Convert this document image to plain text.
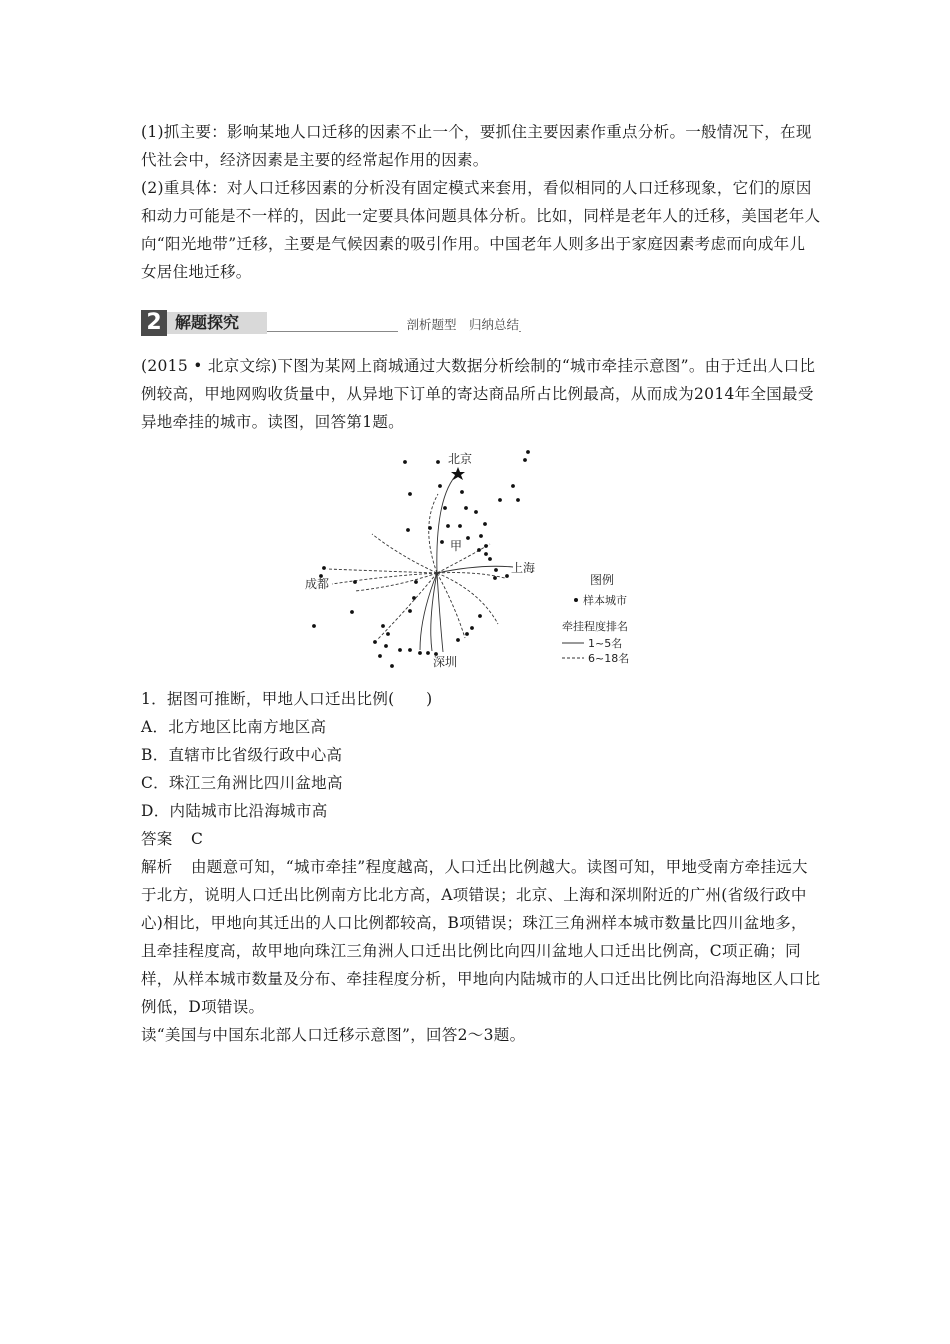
(1)抓主要：影响某地人口迁移的因素不止一个，要抓住主要因素作重点分析。一般情况下，在现代社会中，经济因素是主要的经常起作用的因素。

(2)重具体：对人口迁移因素的分析没有固定模式来套用，看似相同的人口迁移现象，它们的原因和动力可能是不一样的，因此一定要具体问题具体分析。比如，同样是老年人的迁移，美国老年人向“阳光地带”迁移，主要是气候因素的吸引作用。中国老年人则多出于家庭因素考虑而向成年儿女居住地迁移。

2 解题探究	剖析题型　归纳总结

(2015 • 北京文综)下图为某网上商城通过大数据分析绘制的“城市牵挂示意图”。由于迁出人口比例较高，甲地网购收货量中，从异地下订单的寄达商品所占比例最高，从而成为2014年全国最受异地牵挂的城市。读图，回答第1题。

北京
甲
上海
成都
深圳
图例
样本城市
牵挂程度排名
1~5名
6~18名

1．据图可推断，甲地人口迁出比例(　　)

A．北方地区比南方地区高

B．直辖市比省级行政中心高

C．珠江三角洲比四川盆地高

D．内陆城市比沿海城市高

答案 C

解析 由题意可知，“城市牵挂”程度越高，人口迁出比例越大。读图可知，甲地受南方牵挂远大于北方，说明人口迁出比例南方比北方高，A项错误；北京、上海和深圳附近的广州(省级行政中心)相比，甲地向其迁出的人口比例都较高，B项错误；珠江三角洲样本城市数量比四川盆地多，且牵挂程度高，故甲地向珠江三角洲人口迁出比例比向四川盆地人口迁出比例高，C项正确；同样，从样本城市数量及分布、牵挂程度分析，甲地向内陆城市的人口迁出比例比向沿海地区人口比例低，D项错误。

读“美国与中国东北部人口迁移示意图”，回答2～3题。
